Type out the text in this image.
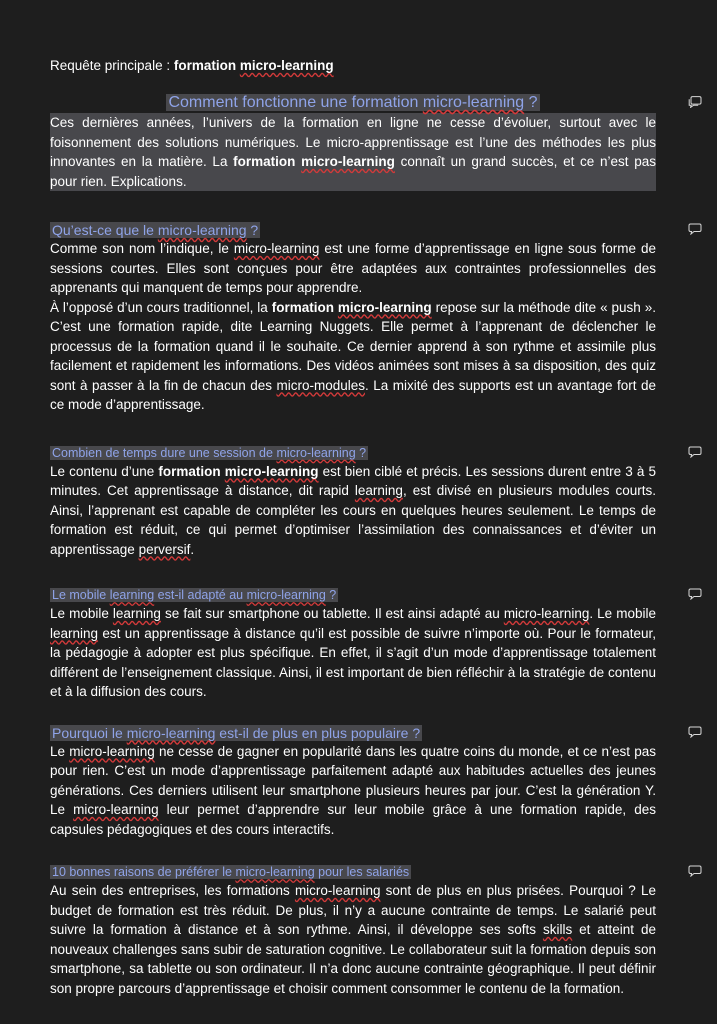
Requête principale : formation micro-learning
Comment fonctionne une formation micro-learning ?

Ces dernières années, l’univers de la formation en ligne ne cesse d’évoluer, surtout avec le foisonnement des solutions numériques. Le micro-apprentissage est l’une des méthodes les plus innovantes en la matière. La formation micro-learning connaît un grand succès, et ce n’est pas pour rien. Explications.

Qu’est-ce que le micro-learning ?

Comme son nom l’indique, le micro-learning est une forme d’apprentissage en ligne sous forme de sessions courtes. Elles sont conçues pour être adaptées aux contraintes professionnelles des apprenants qui manquent de temps pour apprendre.

À l’opposé d’un cours traditionnel, la formation micro-learning repose sur la méthode dite « push ». C’est une formation rapide, dite Learning Nuggets. Elle permet à l’apprenant de déclencher le processus de la formation quand il le souhaite. Ce dernier apprend à son rythme et assimile plus facilement et rapidement les informations. Des vidéos animées sont mises à sa disposition, des quiz sont à passer à la fin de chacun des micro-modules. La mixité des supports est un avantage fort de ce mode d’apprentissage.

Combien de temps dure une session de micro-learning ?

Le contenu d’une formation micro-learning est bien ciblé et précis. Les sessions durent entre 3 à 5 minutes. Cet apprentissage à distance, dit rapid learning, est divisé en plusieurs modules courts. Ainsi, l’apprenant est capable de compléter les cours en quelques heures seulement. Le temps de formation est réduit, ce qui permet d’optimiser l’assimilation des connaissances et d’éviter un apprentissage perversif.

Le mobile learning est-il adapté au micro-learning ?

Le mobile learning se fait sur smartphone ou tablette. Il est ainsi adapté au micro-learning. Le mobile learning est un apprentissage à distance qu’il est possible de suivre n’importe où. Pour le formateur, la pédagogie à adopter est plus spécifique. En effet, il s’agit d’un mode d’apprentissage totalement différent de l’enseignement classique. Ainsi, il est important de bien réfléchir à la stratégie de contenu et à la diffusion des cours.

Pourquoi le micro-learning est-il de plus en plus populaire ?

Le micro-learning ne cesse de gagner en popularité dans les quatre coins du monde, et ce n’est pas pour rien. C’est un mode d’apprentissage parfaitement adapté aux habitudes actuelles des jeunes générations. Ces derniers utilisent leur smartphone plusieurs heures par jour. C’est la génération Y. Le micro-learning leur permet d’apprendre sur leur mobile grâce à une formation rapide, des capsules pédagogiques et des cours interactifs.

10 bonnes raisons de préférer le micro-learning pour les salariés

Au sein des entreprises, les formations micro-learning sont de plus en plus prisées. Pourquoi ? Le budget de formation est très réduit. De plus, il n’y a aucune contrainte de temps. Le salarié peut suivre la formation à distance et à son rythme. Ainsi, il développe ses softs skills et atteint de nouveaux challenges sans subir de saturation cognitive. Le collaborateur suit la formation depuis son smartphone, sa tablette ou son ordinateur. Il n’a donc aucune contrainte géographique. Il peut définir son propre parcours d’apprentissage et choisir comment consommer le contenu de la formation.
